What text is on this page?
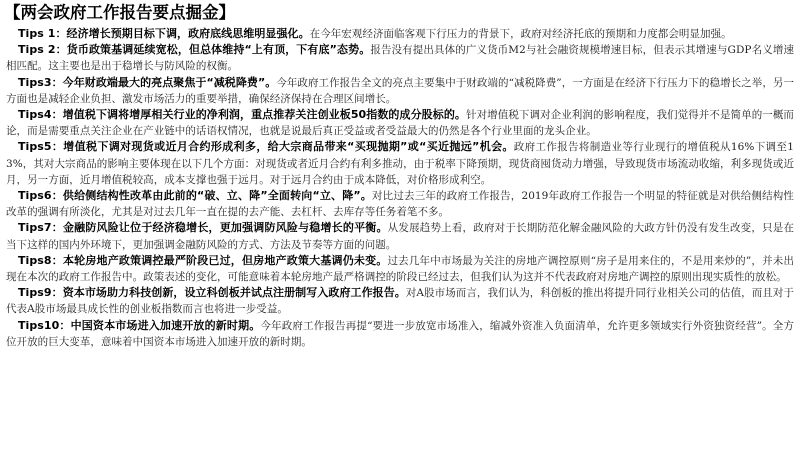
【两会政府工作报告要点掘金】

Tips 1：经济增长预期目标下调，政府底线思维明显强化。在今年宏观经济面临客观下行压力的背景下，政府对经济托底的预期和力度都会明显加强。

Tips 2：货币政策基调延续宽松，但总体维持“上有顶，下有底”态势。报告没有提出具体的广义货币M2与社会融资规模增速目标，但表示其增速与GDP名义增速相匹配。这主要也是出于稳增长与防风险的权衡。

Tips3：今年财政端最大的亮点聚焦于“减税降费”。今年政府工作报告全文的亮点主要集中于财政端的“减税降费”，一方面是在经济下行压力下的稳增长之举，另一方面也是减轻企业负担、激发市场活力的重要举措，确保经济保持在合理区间增长。

Tips4：增值税下调将增厚相关行业的净利润，重点推荐关注创业板50指数的成分股标的。针对增值税下调对企业利润的影响程度，我们觉得并不是简单的一概而论，而是需要重点关注企业在产业链中的话语权情况，也就是说最后真正受益或者受益最大的仍然是各个行业里面的龙头企业。

Tips5：增值税下调对现货或近月合约形成利多，给大宗商品带来“买现抛期”或“买近抛远”机会。政府工作报告将制造业等行业现行的增值税从16%下调至13%，其对大宗商品的影响主要体现在以下几个方面：对现货或者近月合约有利多推动，由于税率下降预期，现货商囤货动力增强，导致现货市场流动收缩，利多现货或近月，另一方面，近月增值税较高，成本支撑也强于远月。对于远月合约由于成本降低，对价格形成利空。

Tips6：供给侧结构性改革由此前的“破、立、降”全面转向“立、降”。对比过去三年的政府工作报告，2019年政府工作报告一个明显的特征就是对供给侧结构性改革的强调有所淡化，尤其是对过去几年一直在提的去产能、去杠杆、去库存等任务着笔不多。

Tips7：金融防风险让位于经济稳增长，更加强调防风险与稳增长的平衡。从发展趋势上看，政府对于长期防范化解金融风险的大政方针仍没有发生改变，只是在当下这样的国内外环境下，更加强调金融防风险的方式、方法及节奏等方面的问题。

Tips8：本轮房地产政策调控最严阶段已过，但房地产政策大基调仍未变。过去几年中市场最为关注的房地产调控原则“房子是用来住的，不是用来炒的”，并未出现在本次的政府工作报告中。政策表述的变化，可能意味着本轮房地产最严格调控的阶段已经过去，但我们认为这并不代表政府对房地产调控的原则出现实质性的放松。

Tips9：资本市场助力科技创新，设立科创板并试点注册制写入政府工作报告。对A股市场而言，我们认为，科创板的推出将提升同行业相关公司的估值，而且对于代表A股市场最具成长性的创业板指数而言也将进一步受益。

Tips10：中国资本市场进入加速开放的新时期。今年政府工作报告再提“要进一步放宽市场准入，缩减外资准入负面清单，允许更多领域实行外资独资经营”。全方位开放的巨大变革，意味着中国资本市场进入加速开放的新时期。
